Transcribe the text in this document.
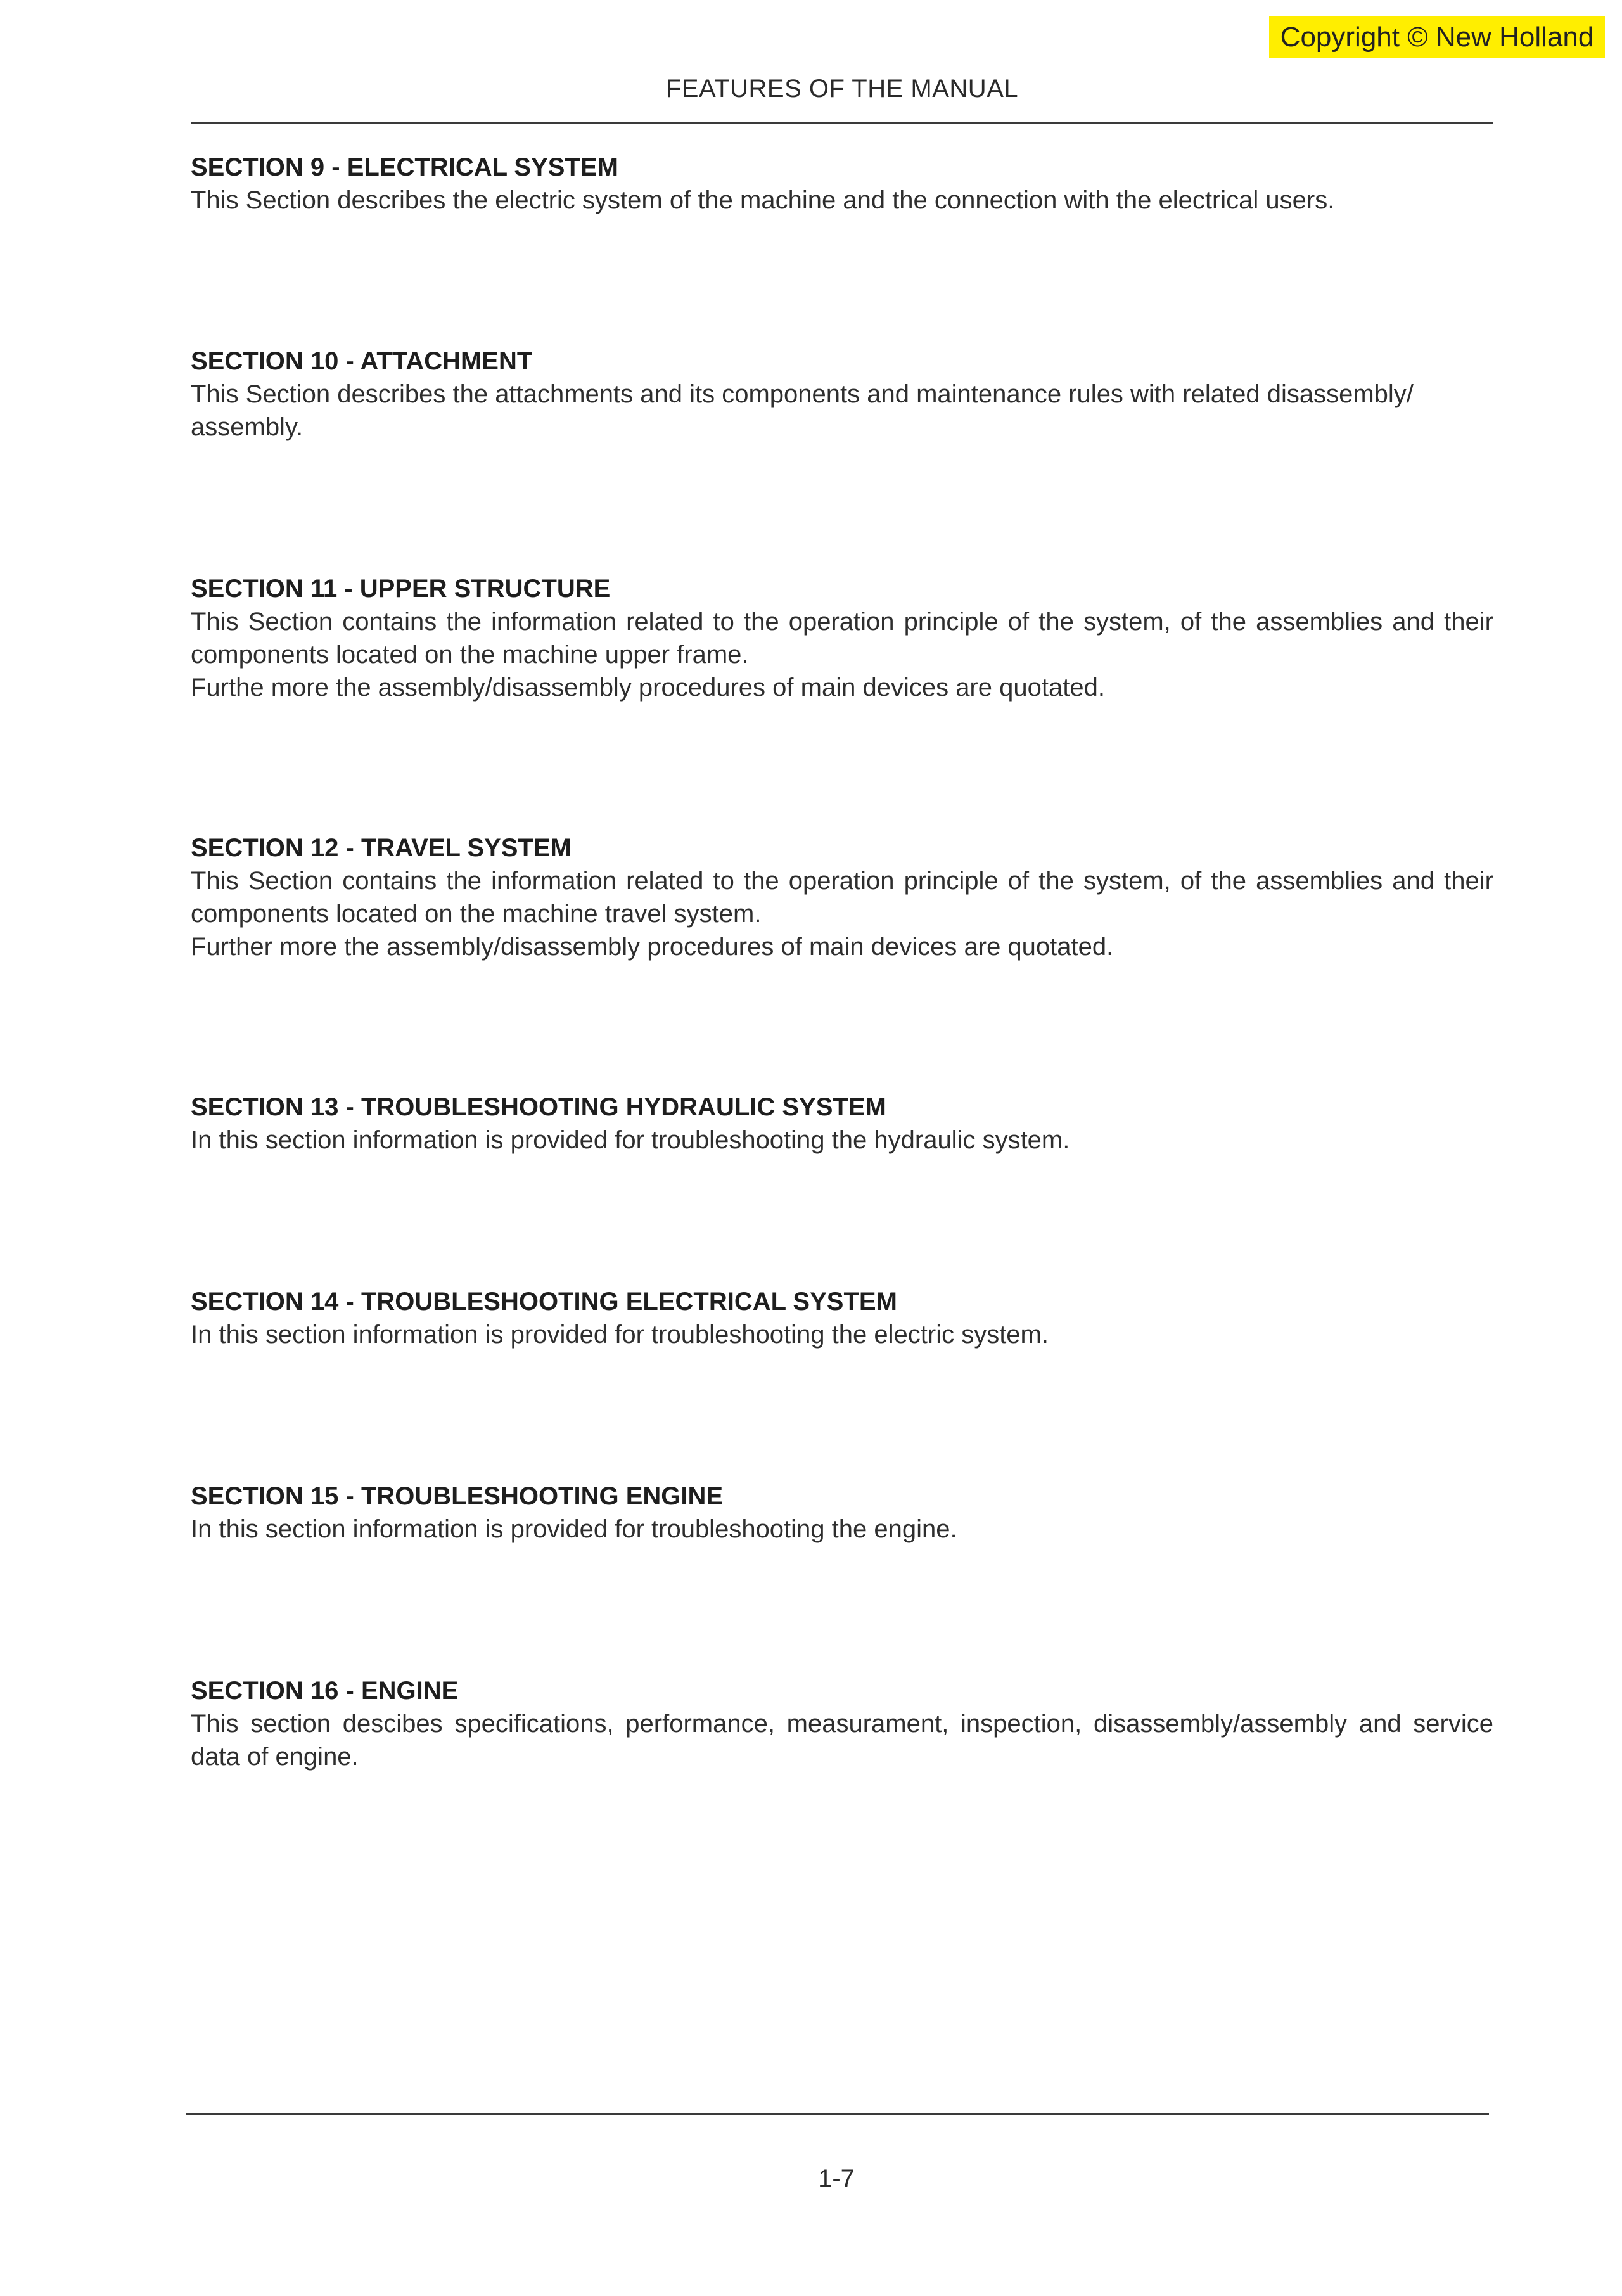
Copyright © New Holland
FEATURES OF THE MANUAL
SECTION 9 - ELECTRICAL SYSTEM

This Section describes the electric system of the machine and the connection with the electrical users.

SECTION 10 - ATTACHMENT

This Section describes the attachments and its components and maintenance rules with related disassembly/ assembly.

SECTION 11 - UPPER STRUCTURE

This Section contains the information related to the operation principle of the system, of the assemblies and their components located on the machine upper frame.

Furthe more the assembly/disassembly procedures of main devices are quotated.

SECTION 12 - TRAVEL SYSTEM

This Section contains the information related to the operation principle of the system, of the assemblies and their components located on the machine travel system.

Further more the assembly/disassembly procedures of main devices are quotated.

SECTION 13 - TROUBLESHOOTING HYDRAULIC SYSTEM

In this section information is provided for troubleshooting the hydraulic system.

SECTION 14 - TROUBLESHOOTING ELECTRICAL SYSTEM

In this section information is provided for troubleshooting the electric system.

SECTION 15 - TROUBLESHOOTING ENGINE

In this section information is provided for troubleshooting the engine.

SECTION 16 - ENGINE

This section descibes specifications, performance, measurament, inspection, disassembly/assembly and service data of engine.

1-7
